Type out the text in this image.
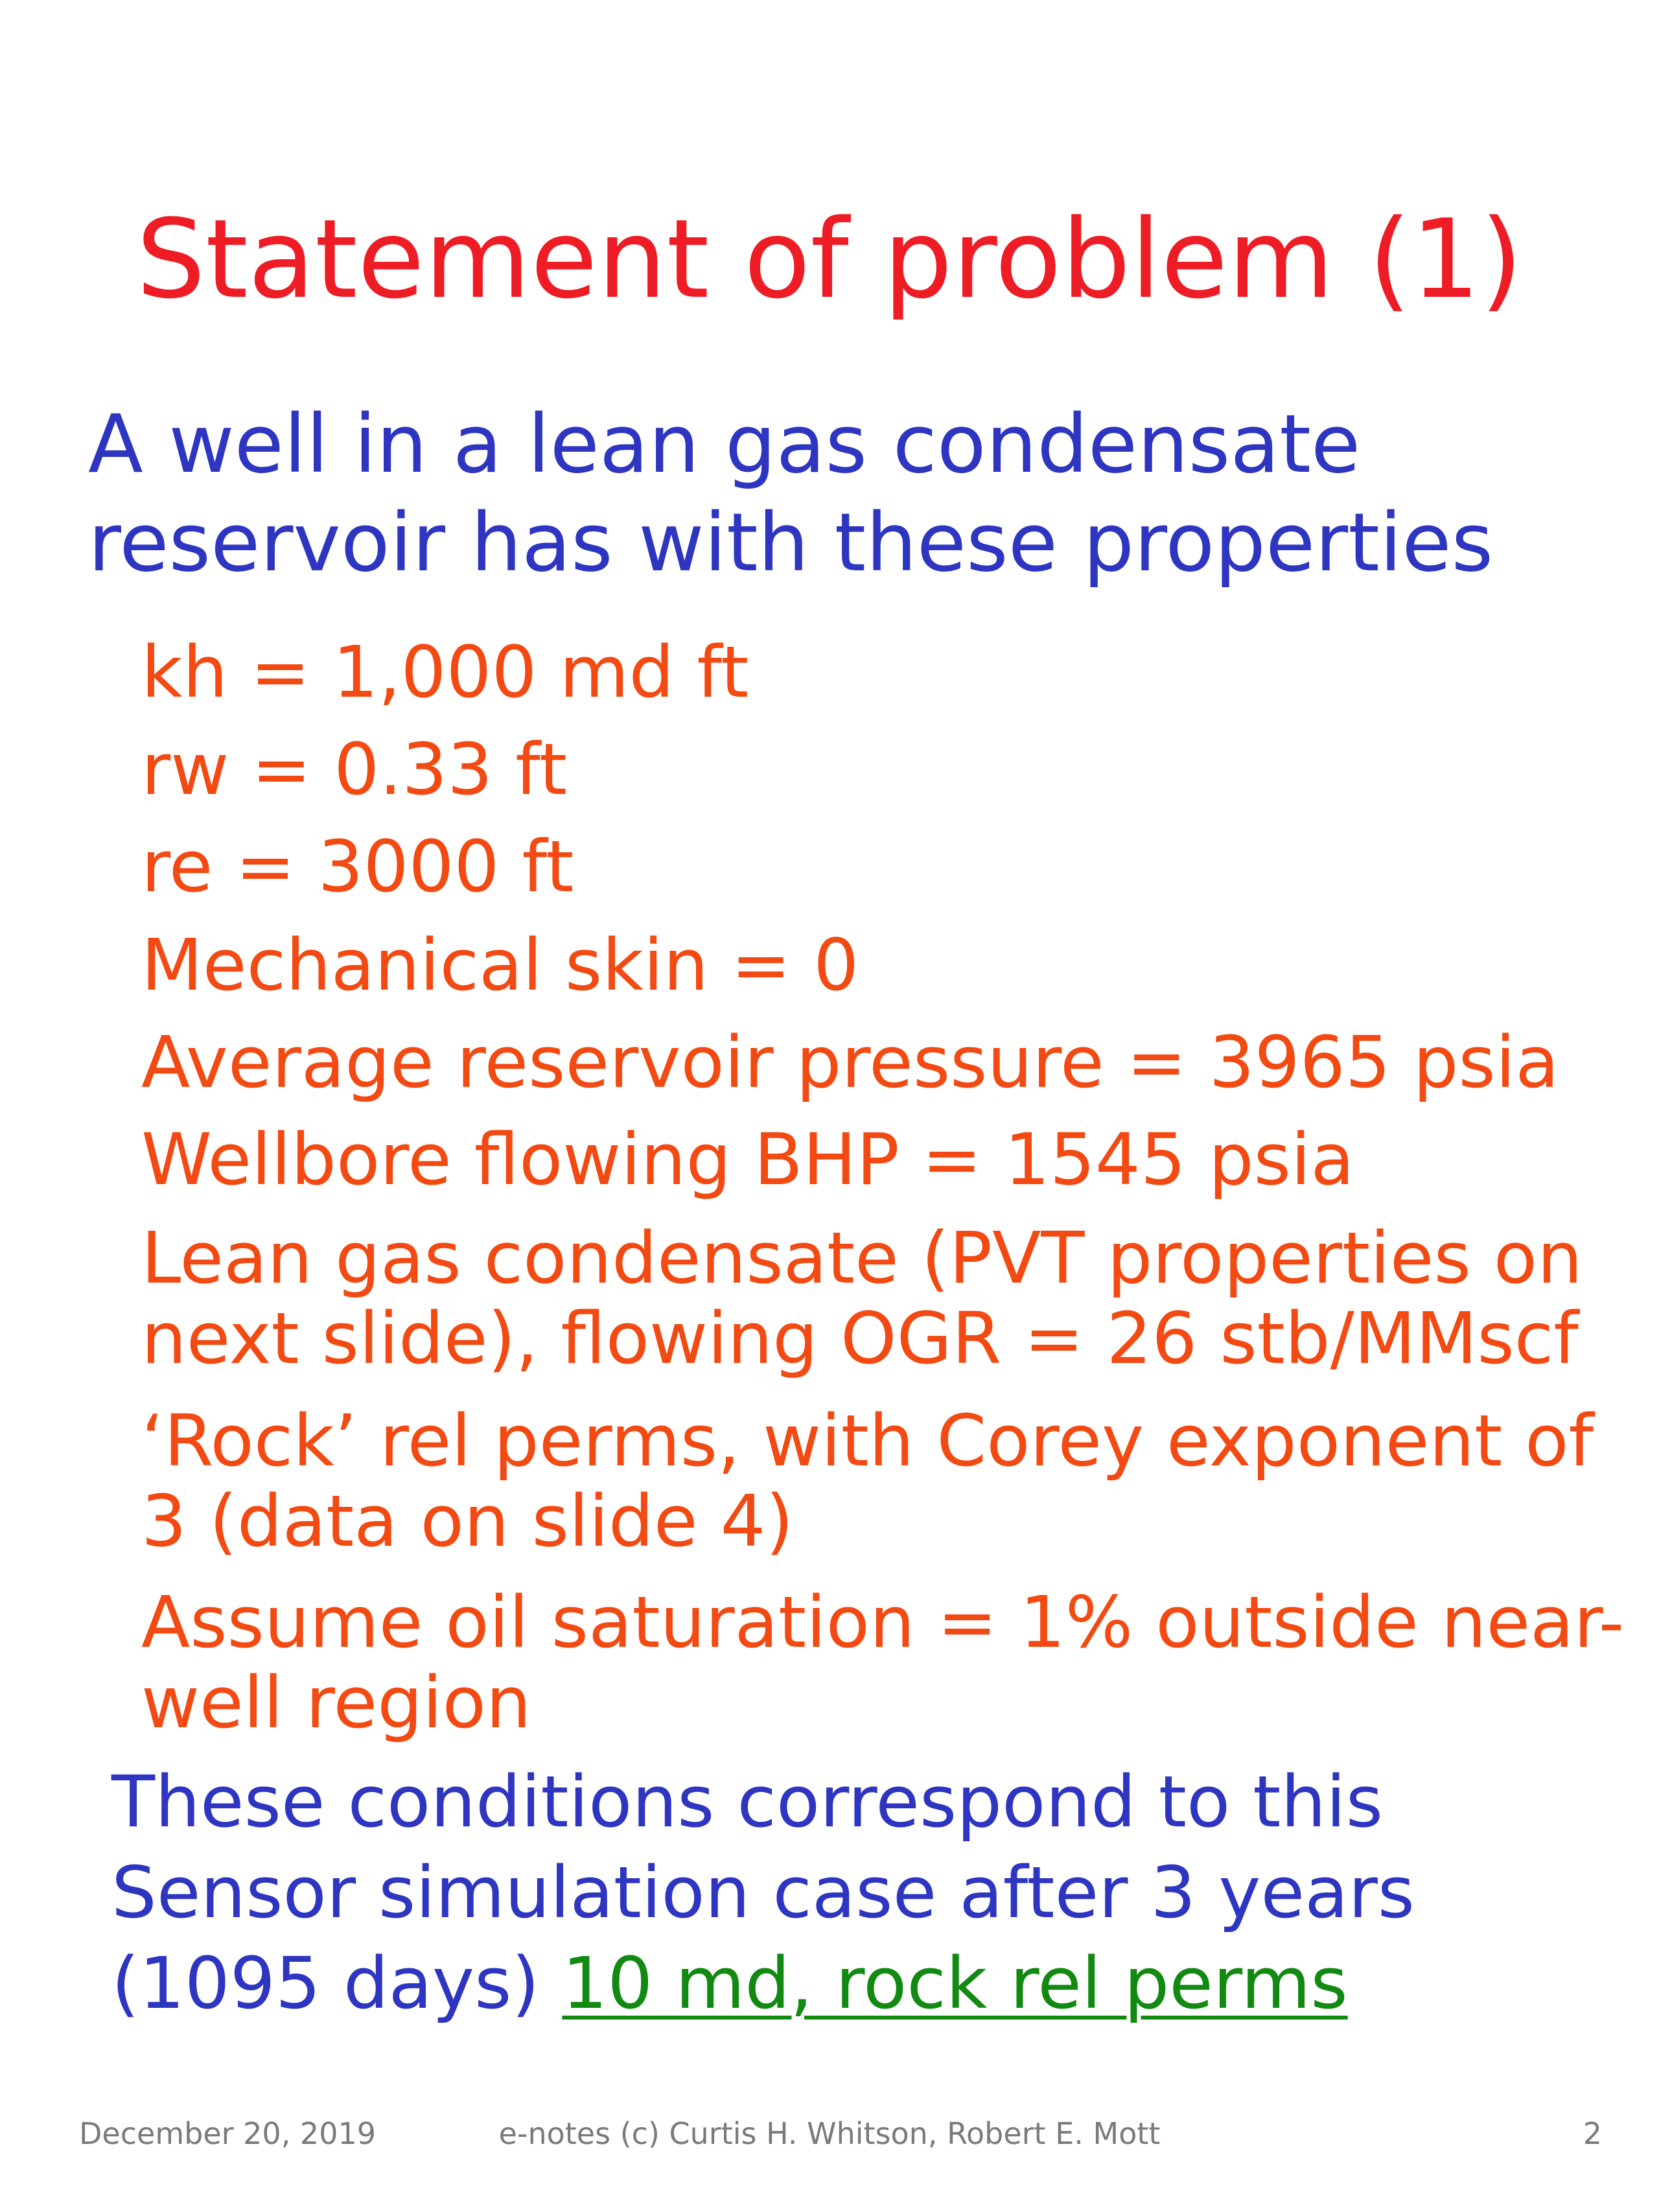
Statement of problem (1)
A well in a lean gas condensate
reservoir has with these properties
kh = 1,000 md ft
rw = 0.33 ft
re = 3000 ft
Mechanical skin = 0
Average reservoir pressure = 3965 psia
Wellbore flowing BHP = 1545 psia
Lean gas condensate (PVT properties on
next slide), flowing OGR = 26 stb/MMscf
‘Rock’ rel perms, with Corey exponent of
3 (data on slide 4)
Assume oil saturation = 1% outside near-
well region
These conditions correspond to this
Sensor simulation case after 3 years
(1095 days) 10 md, rock rel perms
December 20, 2019	e-notes (c) Curtis H. Whitson, Robert E. Mott	2
